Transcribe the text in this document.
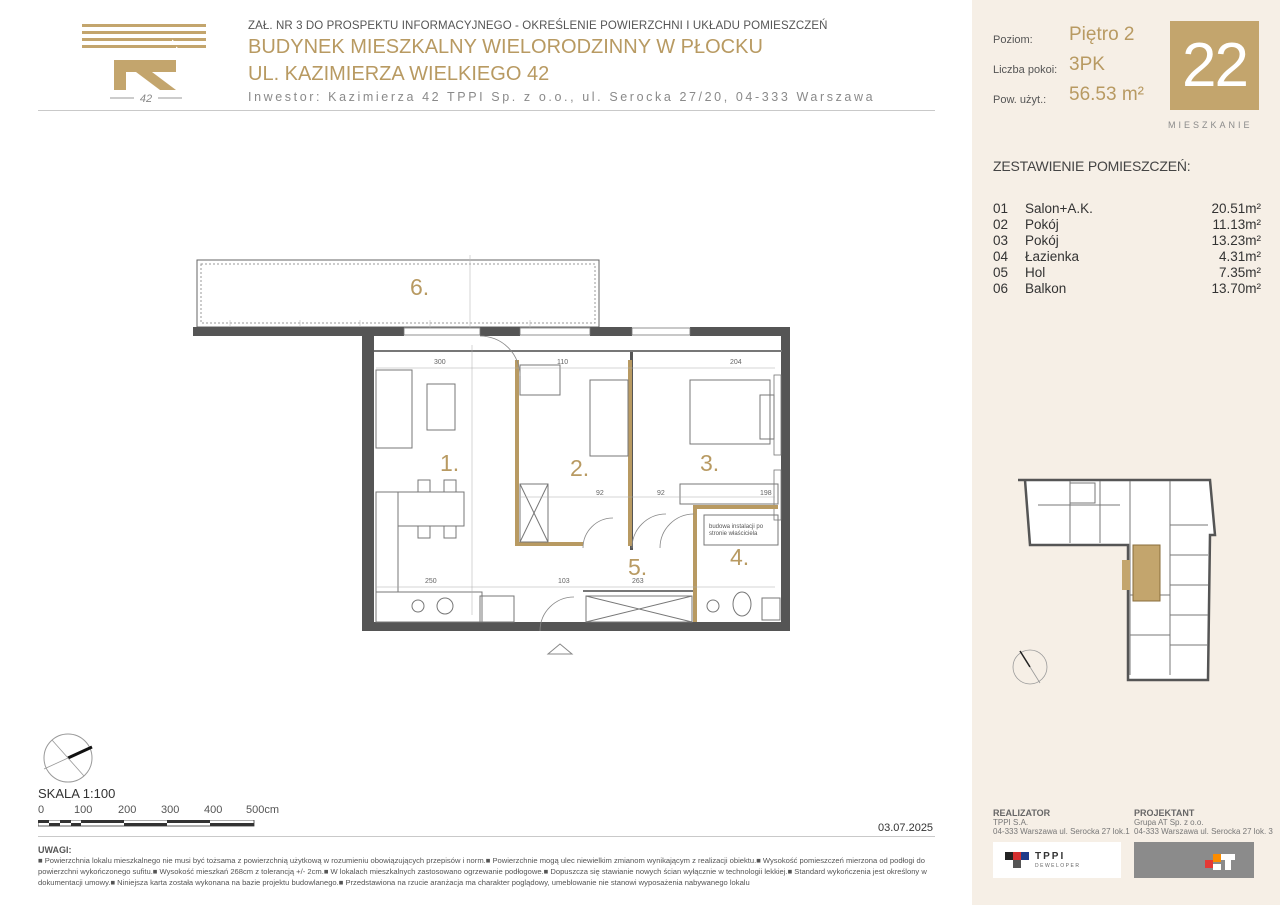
42
ZAŁ. NR 3 DO PROSPEKTU INFORMACYJNEGO - OKREŚLENIE POWIERZCHNI I UKŁADU POMIESZCZEŃ
BUDYNEK MIESZKALNY WIELORODZINNY W PŁOCKU
UL. KAZIMIERZA WIELKIEGO 42
Inwestor: Kazimierza 42 TPPI Sp. z o.o., ul. Serocka 27/20, 04-333 Warszawa
300	110	204
250	103	263
92	92	198
1.	2.	3.
4.
5.
6.
budowa instalacji po stronie właściciela
SKALA 1:100
0	100 200 300 400 500cm
03.07.2025
UWAGI:
■ Powierzchnia lokalu mieszkalnego nie musi być tożsama z powierzchnią użytkową w rozumieniu obowiązujących przepisów i norm.■ Powierzchnie mogą ulec niewielkim zmianom wynikającym z realizacji obiektu.■ Wysokość pomieszczeń mierzona od podłogi do powierzchni wykończonego sufitu.■ Wysokość mieszkań 268cm z tolerancją +/- 2cm.■ W lokalach mieszkalnych zastosowano ogrzewanie podłogowe.■ Dopuszcza się stawianie nowych ścian wyłącznie w technologii lekkiej.■ Standard wykończenia jest określony w dokumentacji umowy.■ Niniejsza karta została wykonana na bazie projektu budowlanego.■ Przedstawiona na rzucie aranżacja ma charakter poglądowy, umeblowanie nie stanowi wyposażenia nabywanego lokalu
Poziom: Piętro 2
Liczba pokoi: 3PK
Pow. użyt.: 56.53 m² 22
MIESZKANIE
ZESTAWIENIE POMIESZCZEŃ:
01 Salon+A.K.	20.51m²
02 Pokój	11.13m²
03 Pokój	13.23m²
04 Łazienka	4.31m²
05 Hol	7.35m²
06 Balkon	13.70m²
REALIZATOR
TPPI S.A.
04-333 Warszawa ul. Serocka 27 lok.1
TPPI
DEWELOPER
PROJEKTANT
Grupa AT Sp. z o.o.
04-333 Warszawa ul. Serocka 27 lok. 3
